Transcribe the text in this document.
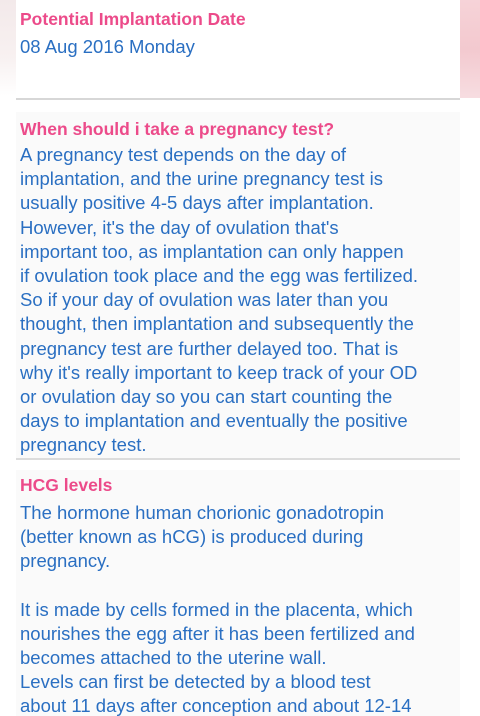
Potential Implantation Date

08 Aug 2016 Monday

When should i take a pregnancy test?

A pregnancy test depends on the day of

implantation, and the urine pregnancy test is

usually positive 4-5 days after implantation.

However, it's the day of ovulation that's

important too, as implantation can only happen

if ovulation took place and the egg was fertilized.

So if your day of ovulation was later than you

thought, then implantation and subsequently the

pregnancy test are further delayed too. That is

why it's really important to keep track of your OD

or ovulation day so you can start counting the

days to implantation and eventually the positive

pregnancy test.

HCG levels

The hormone human chorionic gonadotropin

(better known as hCG) is produced during

pregnancy.

It is made by cells formed in the placenta, which

nourishes the egg after it has been fertilized and

becomes attached to the uterine wall.

Levels can first be detected by a blood test

about 11 days after conception and about 12-14
